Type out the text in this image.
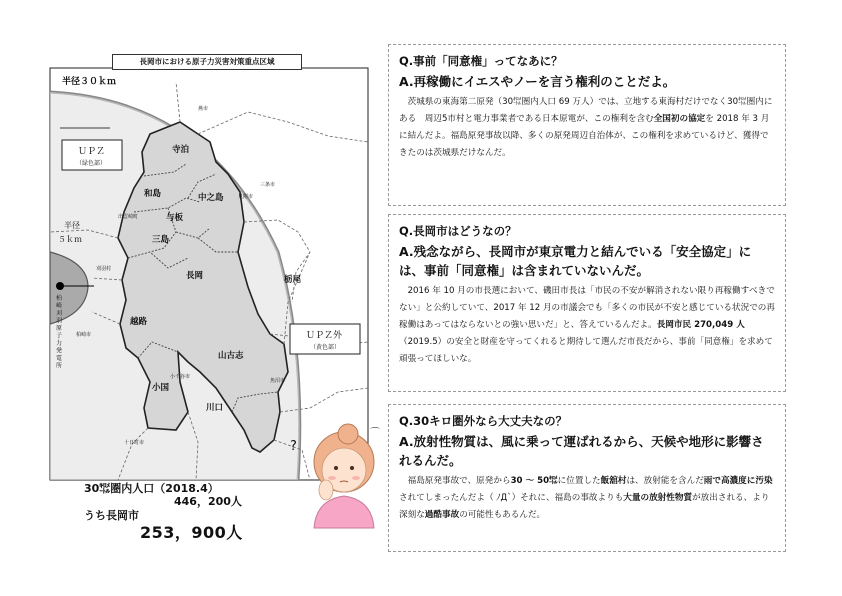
長岡市における原子力災害対策重点区域
?
半径３０ｋｍ
半径
５ｋｍ
ＵＰＺ
（緑色部）
ＵＰＺ外
（黄色部）
柏
崎
刈
羽
原
子
力
発
電
所
寺泊
和島	中之島
与板
三島
長岡	栃尾
越路
山古志
小国
川口
出雲崎町
見附市
三条市
柏崎市
小千谷市
十日町市
魚沼市
刈羽村
燕市
⌒
30㌖圏内人口（2018.4）
446，200人
うち長岡市
253，900人

Q.事前「同意権」ってなあに？

A.再稼働にイエスやノーを言う権利のことだよ。

茨城県の東海第二原発（30㌖圏内人口 69 万人）では、立地する東海村だけでなく30㌖圏内にある　周辺5市村と電力事業者である日本原電が、この権利を含む全国初の協定を 2018 年 3 月に結んだよ。福島原発事故以降、多くの原発周辺自治体が、この権利を求めているけど、獲得できたのは茨城県だけなんだ。

Q.長岡市はどうなの？

A.残念ながら、長岡市が東京電力と結んでいる「安全協定」には、事前「同意権」は含まれていないんだ。

2016 年 10 月の市長選において、磯田市長は「市民の不安が解消されない限り再稼働すべきでない」と公約していて、2017 年 12 月の市議会でも「多くの市民が不安と感じている状況での再稼働はあってはならないとの強い思いだ」と、答えているんだよ。長岡市民 270,049 人（2019.5）の安全と財産を守ってくれると期待して選んだ市長だから、事前「同意権」を求めて頑張ってほしいな。

Q.30キロ圏外なら大丈夫なの？

A.放射性物質は、風に乗って運ばれるから、天候や地形に影響されるんだ。

福島原発事故で、原発から30 ～ 50㌖に位置した飯舘村は、放射能を含んだ雨で高濃度に汚染されてしまったんだよ（ ﾉД`）それに、福島の事故よりも大量の放射性物質が放出される、より深刻な過酷事故の可能性もあるんだ。
